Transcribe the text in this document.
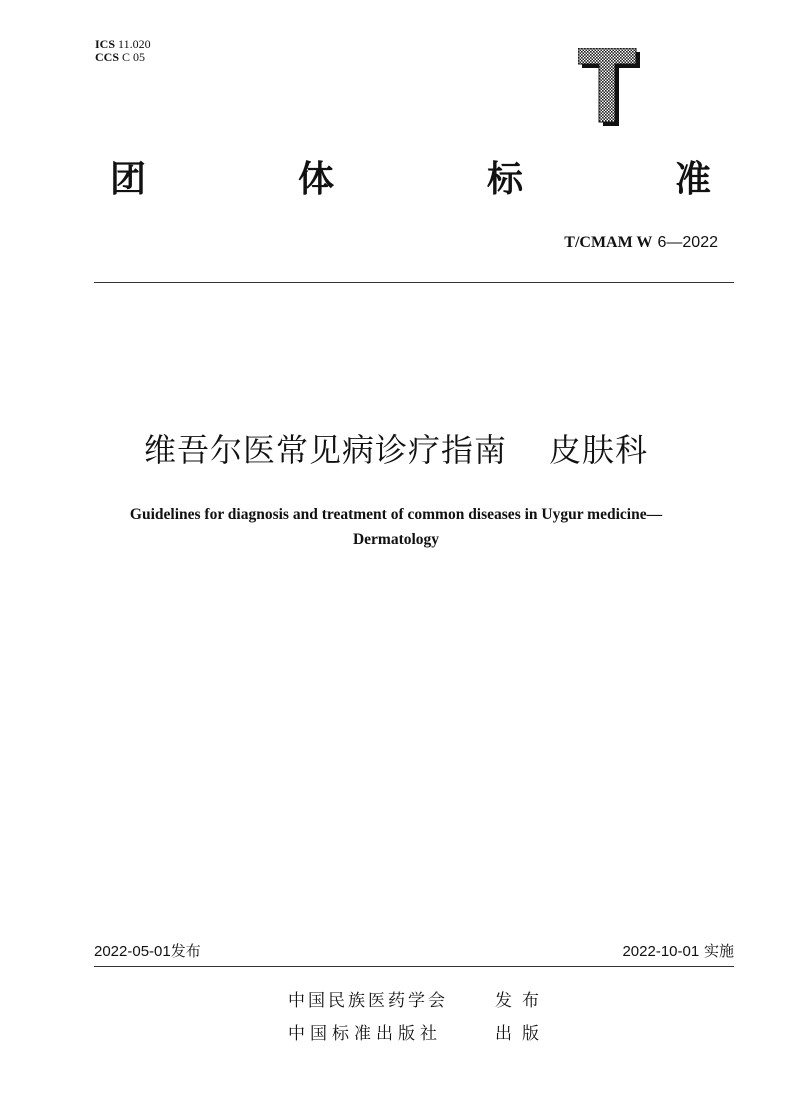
ICS 11.020
CCS C 05
团	体	标	准
T/CMAM W 6—2022
维吾尔医常见病诊疗指南 皮肤科
Guidelines for diagnosis and treatment of common diseases in Uygur medicine—
Dermatology
2022-05-01发布	2022-10-01 实施
中国民族医药学会	发布
中国标准出版社	出版
